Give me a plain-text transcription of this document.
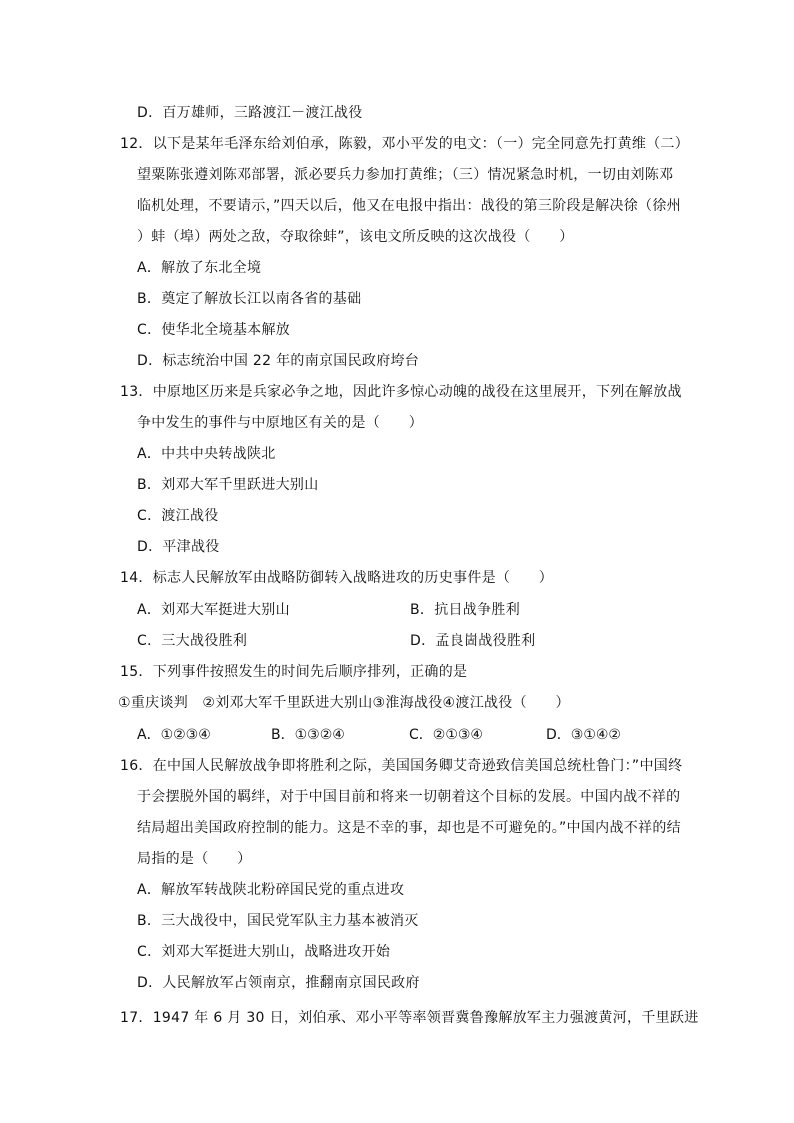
D．百万雄师，三路渡江－渡江战役
12．以下是某年毛泽东给刘伯承，陈毅，邓小平发的电文：（一）完全同意先打黄维（二）
望粟陈张遵刘陈邓部署，派必要兵力参加打黄维；（三）情况紧急时机，一切由刘陈邓
临机处理，不要请示，”四天以后，他又在电报中指出：战役的第三阶段是解决徐（徐州
）蚌（埠）两处之敌，夺取徐蚌”，该电文所反映的这次战役（　　）
A．解放了东北全境
B．奠定了解放长江以南各省的基础
C．使华北全境基本解放
D．标志统治中国 22 年的南京国民政府垮台
13．中原地区历来是兵家必争之地，因此许多惊心动魄的战役在这里展开，下列在解放战
争中发生的事件与中原地区有关的是（　　）
A．中共中央转战陕北
B．刘邓大军千里跃进大别山
C．渡江战役
D．平津战役
14．标志人民解放军由战略防御转入战略进攻的历史事件是（　　）
A．刘邓大军挺进大别山	B．抗日战争胜利
C．三大战役胜利	D．孟良崮战役胜利
15．下列事件按照发生的时间先后顺序排列，正确的是
①重庆谈判　②刘邓大军千里跃进大别山③淮海战役④渡江战役（　　）
A．①②③④	B．①③②④	C．②①③④	D．③①④②
16．在中国人民解放战争即将胜利之际，美国国务卿艾奇逊致信美国总统杜鲁门：”中国终
于会摆脱外国的羁绊，对于中国目前和将来一切朝着这个目标的发展。中国内战不祥的
结局超出美国政府控制的能力。这是不幸的事，却也是不可避免的。”中国内战不祥的结
局指的是（　　）
A．解放军转战陕北粉碎国民党的重点进攻
B．三大战役中，国民党军队主力基本被消灭
C．刘邓大军挺进大别山，战略进攻开始
D．人民解放军占领南京，推翻南京国民政府
17．1947 年 6 月 30 日，刘伯承、邓小平等率领晋冀鲁豫解放军主力强渡黄河，千里跃进
